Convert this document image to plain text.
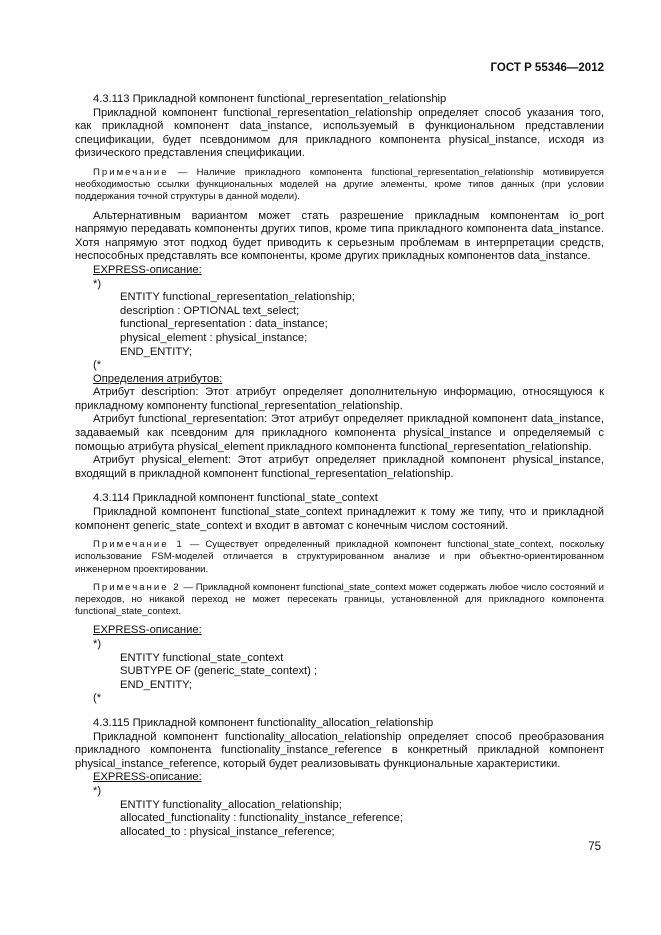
ГОСТ Р 55346—2012

4.3.113 Прикладной компонент functional_representation_relationship

Прикладной компонент functional_representation_relationship определяет способ указания того, как прикладной компонент data_instance, используемый в функциональном представлении спецификации, будет псевдонимом для прикладного компонента physical_instance, исходя из физического представления спецификации.

Примечание — Наличие прикладного компонента functional_representation_relationship мотивируется необходимостью ссылки функциональных моделей на другие элементы, кроме типов данных (при условии поддержания точной структуры в данной модели).

Альтернативным вариантом может стать разрешение прикладным компонентам io_port напрямую передавать компоненты других типов, кроме типа прикладного компонента data_instance. Хотя напрямую этот подход будет приводить к серьезным проблемам в интерпретации средств, неспособных представлять все компоненты, кроме других прикладных компонентов data_instance.

EXPRESS-описание:

*)

ENTITY functional_representation_relationship;

description : OPTIONAL text_select;

functional_representation : data_instance;

physical_element : physical_instance;

END_ENTITY;

(*

Определения атрибутов:

Атрибут description: Этот атрибут определяет дополнительную информацию, относящуюся к прикладному компоненту functional_representation_relationship.

Атрибут functional_representation: Этот атрибут определяет прикладной компонент data_instance, задаваемый как псевдоним для прикладного компонента physical_instance и определяемый с помощью атрибута physical_element прикладного компонента functional_representation_relationship.

Атрибут physical_element: Этот атрибут определяет прикладной компонент physical_instance, входящий в прикладной компонент functional_representation_relationship.

4.3.114 Прикладной компонент functional_state_context

Прикладной компонент functional_state_context принадлежит к тому же типу, что и прикладной компонент generic_state_context и входит в автомат с конечным числом состояний.

Примечание 1 — Существует определенный прикладной компонент functional_state_context, поскольку использование FSM-моделей отличается в структурированном анализе и при объектно-ориентированном инженерном проектировании.

Примечание 2 — Прикладной компонент functional_state_context может содержать любое число состояний и переходов, но никакой переход не может пересекать границы, установленной для прикладного компонента functional_state_context.

EXPRESS-описание:

*)

ENTITY functional_state_context

SUBTYPE OF (generic_state_context) ;

END_ENTITY;

(*

4.3.115 Прикладной компонент functionality_allocation_relationship

Прикладной компонент functionality_allocation_relationship определяет способ преобразования прикладного компонента functionality_instance_reference в конкретный прикладной компонент physical_instance_reference, который будет реализовывать функциональные характеристики.

EXPRESS-описание:

*)

ENTITY functionality_allocation_relationship;

allocated_functionality : functionality_instance_reference;

allocated_to : physical_instance_reference;

75
